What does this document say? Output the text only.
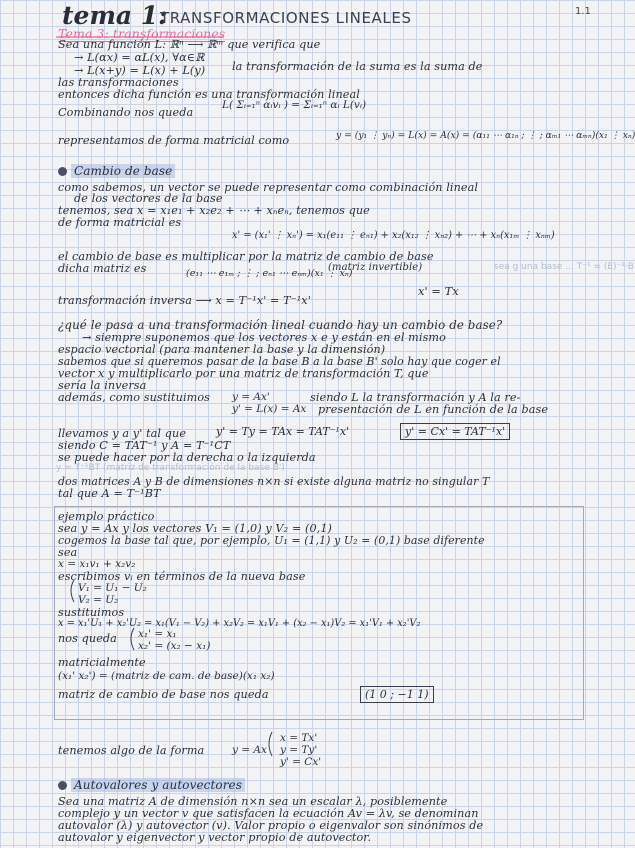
tema 1:
TRANSFORMACIONES LINEALES	1.1
Tema 3: transformaciones
Sea una función L: ℝⁿ ⟶ ℝᵐ que verifica que
→ L(αx) = αL(x), ∀α∈ℝ
→ L(x+y) = L(x) + L(y) la transformación de la suma es la suma de
las transformaciones
entonces dicha función es una transformación lineal
Combinando nos queda
L( Σᵢ₌₁ⁿ αᵢvᵢ ) = Σᵢ₌₁ⁿ αᵢ L(vᵢ)
representamos de forma matricial como	y = (y₁ ⋮ yₙ) = L(x) = A(x) = (α₁₁ ⋯ α₁ₙ ; ⋮ ; αₘ₁ ⋯ αₘₙ)(x₁ ⋮ xₙ)
Cambio de base
como sabemos, un vector se puede representar como combinación lineal
de los vectores de la base
tenemos, sea x = x₁e₁ + x₂e₂ + ⋯ + xₙeₙ, tenemos que
de forma matricial es
x' = (x₁' ⋮ xₙ') = x₁(e₁₁ ⋮ eₙ₁) + x₂(x₁₂ ⋮ xₙ₂) + ⋯ + xₙ(x₁ₘ ⋮ xₙₘ)
el cambio de base es multiplicar por la matriz de cambio de base
dicha matriz es	(e₁₁ ⋯ e₁ₘ ; ⋮ ; eₙ₁ ⋯ eₙₘ)(x₁ ⋮ xₙ)
(matriz invertible)
x' = Tx
transformación inversa ⟶ x = T⁻¹x' = T⁻¹x'
sea g una base ... T⁻¹ = (E)⁻¹·B
¿qué le pasa a una transformación lineal cuando hay un cambio de base?
→ siempre suponemos que los vectores x e y están en el mismo
espacio vectorial (para mantener la base y la dimensión)
sabemos que si queremos pasar de la base B a la base B' solo hay que coger el
vector x y multiplicarlo por una matriz de transformación T, que
sería la inversa
además, como sustituimos y = Ax'
y' = L(x) = Ax
siendo L la transformación y A la re-
presentación de L en función de la base
llevamos y a y' tal que	y' = Ty = TAx = TAT⁻¹x'	y' = Cx' = TAT⁻¹x'
siendo C = TAT⁻¹ y A = T⁻¹CT
se puede hacer por la derecha o la izquierda
y = T⁻¹BT (matriz de transformación de la base B')
dos matrices A y B de dimensiones n×n si existe alguna matriz no singular T
tal que A = T⁻¹BT
ejemplo práctico
sea y = Ax y los vectores V₁ = (1,0) y V₂ = (0,1)
cogemos la base tal que, por ejemplo, U₁ = (1,1) y U₂ = (0,1) base diferente
sea
x = x₁v₁ + x₂v₂
escribimos vᵢ en términos de la nueva base
V₁ = U₁ − U₂
V₂ = U₂
sustituimos
x = x₁'U₁ + x₂'U₂ = x₁(V₁ − V₂) + x₂V₂ = x₁V₁ + (x₂ − x₁)V₂ = x₁'V₁ + x₂'V₂
nos queda x₁' = x₁
x₂' = (x₂ − x₁)
matricialmente
(x₁' x₂') = (matriz de cam. de base)(x₁ x₂)
matriz de cambio de base nos queda	(1 0 ; −1 1)
tenemos algo de la forma	y = Ax
x = Tx'
y = Ty'
y' = Cx'
Autovalores y autovectores
Sea una matriz A de dimensión n×n sea un escalar λ, posiblemente
complejo y un vector v que satisfacen la ecuación Av = λv, se denominan
autovalor (λ) y autovector (v). Valor propio o eigenvalor son sinónimos de
autovalor y eigenvector y vector propio de autovector.
